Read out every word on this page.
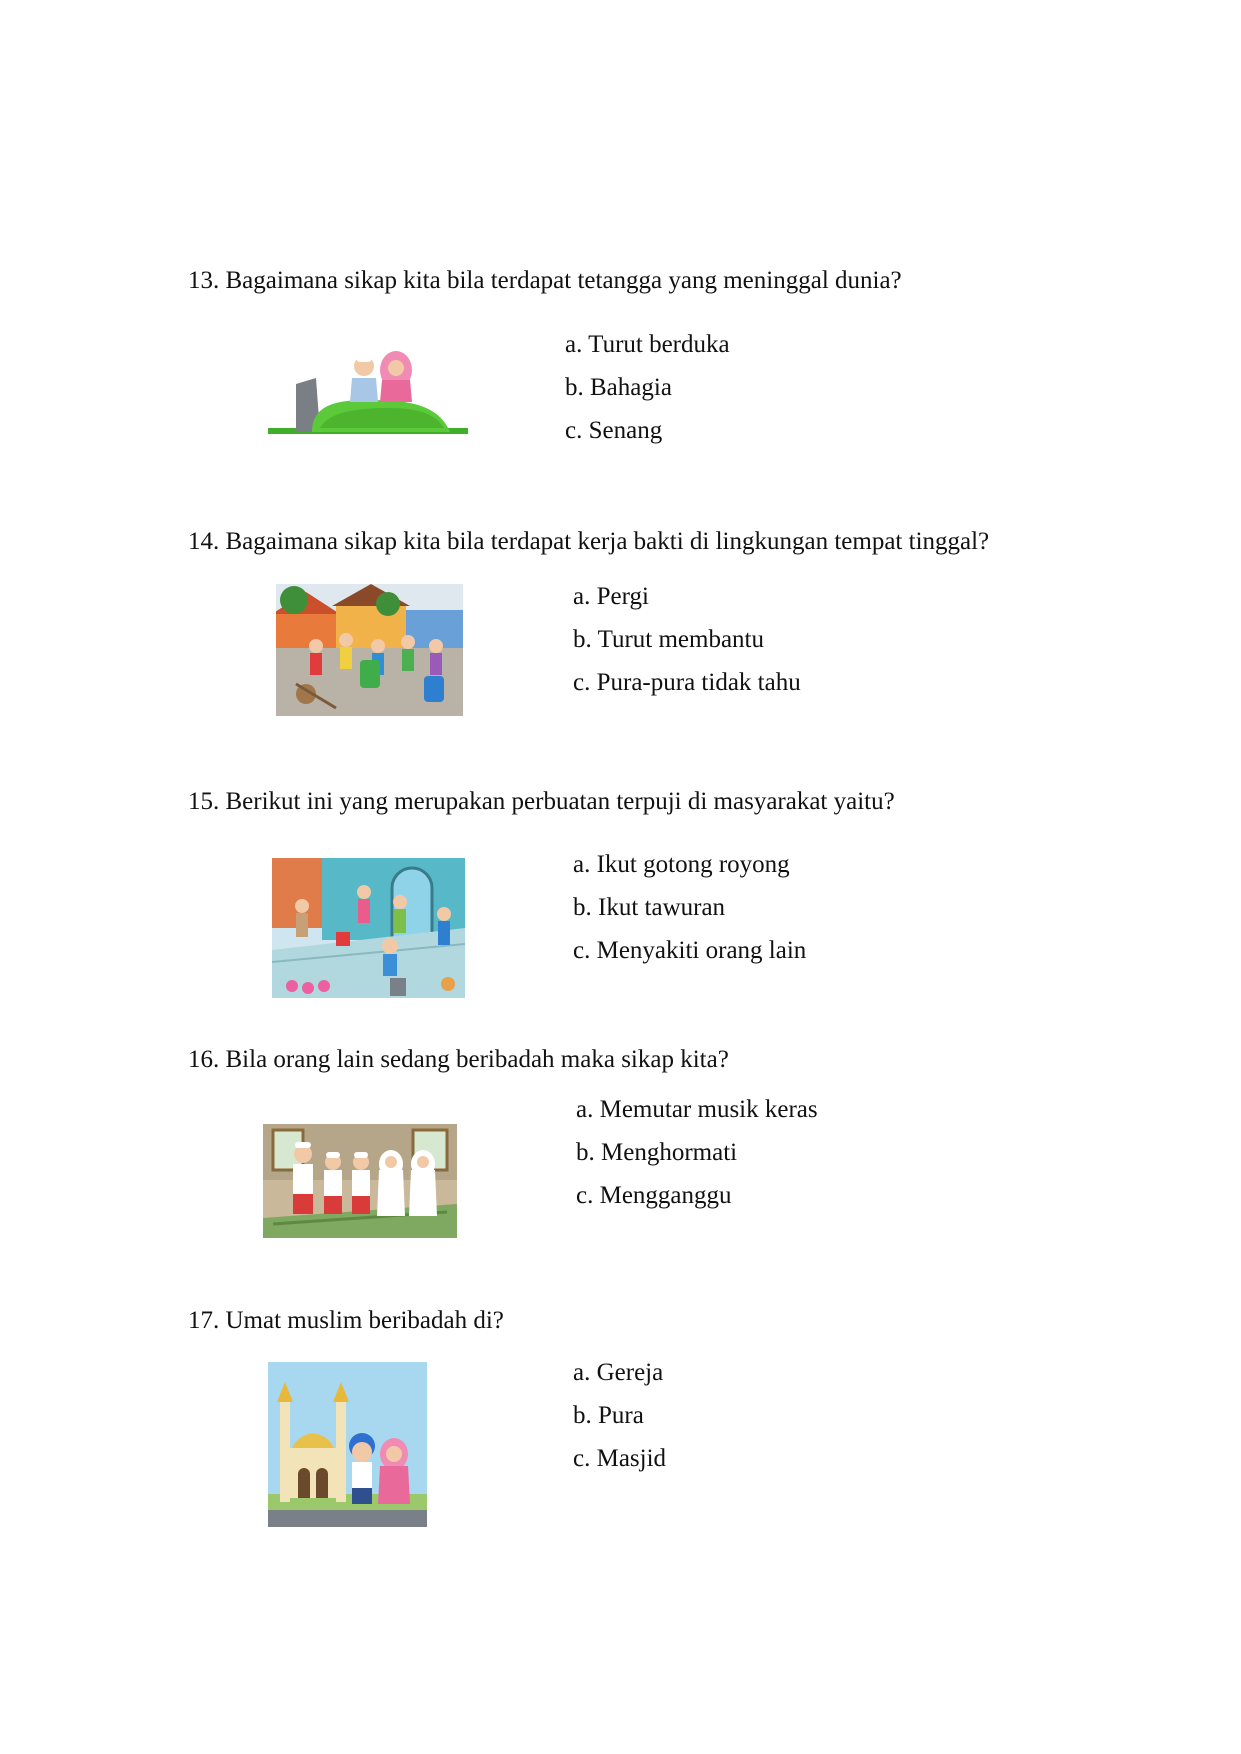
13. Bagaimana sikap kita bila terdapat tetangga yang meninggal dunia?
a. Turut berduka
b. Bahagia
c. Senang
14. Bagaimana sikap kita bila terdapat kerja bakti di lingkungan tempat tinggal?
a. Pergi
b. Turut membantu
c. Pura-pura tidak tahu
15. Berikut ini yang merupakan perbuatan terpuji di masyarakat yaitu?
a. Ikut gotong royong
b. Ikut tawuran
c. Menyakiti orang lain
16. Bila orang lain sedang beribadah maka sikap kita?
a. Memutar musik keras
b. Menghormati
c. Mengganggu
17. Umat muslim beribadah di?
a. Gereja
b. Pura
c. Masjid
